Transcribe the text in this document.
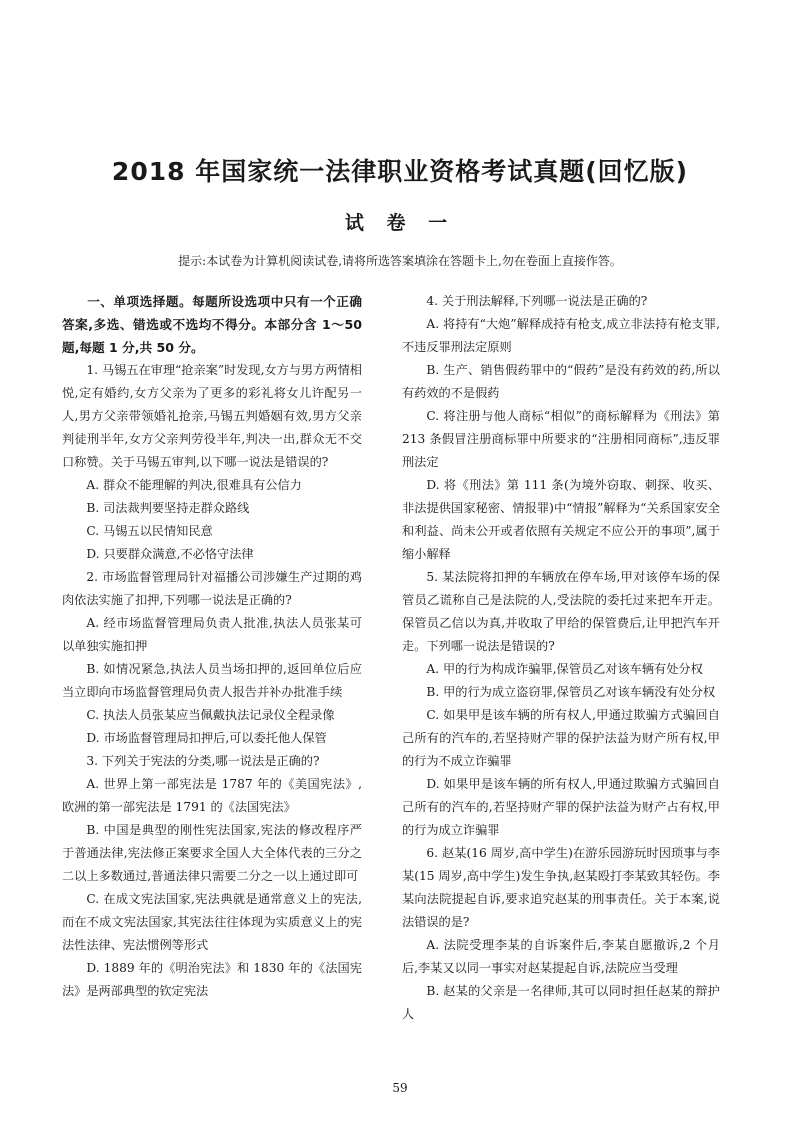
2018 年国家统一法律职业资格考试真题(回忆版)
试 卷 一
提示:本试卷为计算机阅读试卷,请将所选答案填涂在答题卡上,勿在卷面上直接作答。

一、单项选择题。每题所设选项中只有一个正确答案,多选、错选或不选均不得分。本部分含 1～50 题,每题 1 分,共 50 分。

1. 马锡五在审理“抢亲案”时发现,女方与男方两情相悦,定有婚约,女方父亲为了更多的彩礼将女儿许配另一人,男方父亲带领婚礼抢亲,马锡五判婚姻有效,男方父亲判徒刑半年,女方父亲判劳役半年,判决一出,群众无不交口称赞。关于马锡五审判,以下哪一说法是错误的?

A. 群众不能理解的判决,很难具有公信力

B. 司法裁判要坚持走群众路线

C. 马锡五以民情知民意

D. 只要群众满意,不必恪守法律

2. 市场监督管理局针对福播公司涉嫌生产过期的鸡肉依法实施了扣押,下列哪一说法是正确的?

A. 经市场监督管理局负责人批准,执法人员张某可以单独实施扣押

B. 如情况紧急,执法人员当场扣押的,返回单位后应当立即向市场监督管理局负责人报告并补办批准手续

C. 执法人员张某应当佩戴执法记录仪全程录像

D. 市场监督管理局扣押后,可以委托他人保管

3. 下列关于宪法的分类,哪一说法是正确的?

A. 世界上第一部宪法是 1787 年的《美国宪法》,欧洲的第一部宪法是 1791 的《法国宪法》

B. 中国是典型的刚性宪法国家,宪法的修改程序严于普通法律,宪法修正案要求全国人大全体代表的三分之二以上多数通过,普通法律只需要二分之一以上通过即可

C. 在成文宪法国家,宪法典就是通常意义上的宪法,而在不成文宪法国家,其宪法往往体现为实质意义上的宪法性法律、宪法惯例等形式

D. 1889 年的《明治宪法》和 1830 年的《法国宪法》是两部典型的钦定宪法

4. 关于刑法解释,下列哪一说法是正确的?

A. 将持有“大炮”解释成持有枪支,成立非法持有枪支罪,不违反罪刑法定原则

B. 生产、销售假药罪中的“假药”是没有药效的药,所以有药效的不是假药

C. 将注册与他人商标“相似”的商标解释为《刑法》第 213 条假冒注册商标罪中所要求的“注册相同商标”,违反罪刑法定

D. 将《刑法》第 111 条(为境外窃取、刺探、收买、非法提供国家秘密、情报罪)中“情报”解释为“关系国家安全和利益、尚未公开或者依照有关规定不应公开的事项”,属于缩小解释

5. 某法院将扣押的车辆放在停车场,甲对该停车场的保管员乙谎称自己是法院的人,受法院的委托过来把车开走。保管员乙信以为真,并收取了甲给的保管费后,让甲把汽车开走。下列哪一说法是错误的?

A. 甲的行为构成诈骗罪,保管员乙对该车辆有处分权

B. 甲的行为成立盗窃罪,保管员乙对该车辆没有处分权

C. 如果甲是该车辆的所有权人,甲通过欺骗方式骗回自己所有的汽车的,若坚持财产罪的保护法益为财产所有权,甲的行为不成立诈骗罪

D. 如果甲是该车辆的所有权人,甲通过欺骗方式骗回自己所有的汽车的,若坚持财产罪的保护法益为财产占有权,甲的行为成立诈骗罪

6. 赵某(16 周岁,高中学生)在游乐园游玩时因琐事与李某(15 周岁,高中学生)发生争执,赵某殴打李某致其轻伤。李某向法院提起自诉,要求追究赵某的刑事责任。关于本案,说法错误的是?

A. 法院受理李某的自诉案件后,李某自愿撤诉,2 个月后,李某又以同一事实对赵某提起自诉,法院应当受理

B. 赵某的父亲是一名律师,其可以同时担任赵某的辩护人

59
